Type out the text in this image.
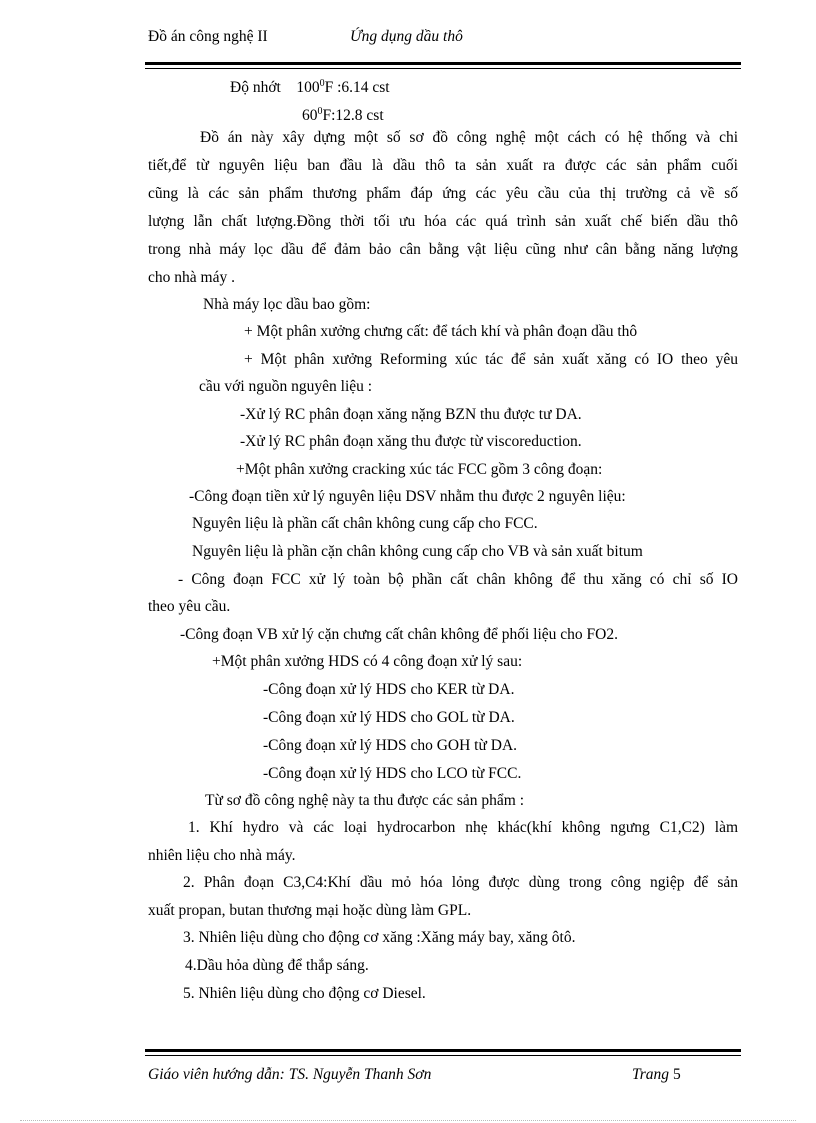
Đồ án công nghệ II	Ứng dụng dầu thô
Độ nhớt $100^0F$ :6.14 cst
$60^0F:12.8$ cst
Đồ án này xây dựng một số sơ đồ công nghệ một cách có hệ thống và chi
tiết,để từ nguyên liệu ban đầu là dầu thô ta sản xuất ra được các sản phẩm cuối
cũng là các sản phẩm thương phẩm đáp ứng các yêu cầu của thị trường cả về số
lượng lẫn chất lượng.Đồng thời tối ưu hóa các quá trình sản xuất chế biến dầu thô
trong nhà máy lọc dầu để đảm bảo cân bằng vật liệu cũng như cân bằng năng lượng
cho nhà máy .
Nhà máy lọc dầu bao gồm:
+ Một phân xưởng chưng cất: để tách khí và phân đoạn dầu thô
+ Một phân xưởng Reforming xúc tác để sản xuất xăng có IO theo yêu
cầu với nguồn nguyên liệu :
-Xử lý RC phân đoạn xăng nặng BZN thu được tư DA.
-Xử lý RC phân đoạn xăng thu được từ viscoreduction.
+Một phân xưởng cracking xúc tác FCC gồm 3 công đoạn:
-Công đoạn tiền xử lý nguyên liệu DSV nhằm thu được 2 nguyên liệu:
Nguyên liệu là phần cất chân không cung cấp cho FCC.
Nguyên liệu là phần cặn chân không cung cấp cho VB và sản xuất bitum
- Công đoạn FCC xử lý toàn bộ phần cất chân không để thu xăng có chỉ số IO
theo yêu cầu.
-Công đoạn VB xử lý cặn chưng cất chân không để phối liệu cho FO2.
+Một phân xưởng HDS có 4 công đoạn xử lý sau:
-Công đoạn xử lý HDS cho KER từ DA.
-Công đoạn xử lý HDS cho GOL từ DA.
-Công đoạn xử lý HDS cho GOH từ DA.
-Công đoạn xử lý HDS cho LCO từ FCC.
Từ sơ đồ công nghệ này ta thu được các sản phẩm :
1. Khí hydro và các loại hydrocarbon nhẹ khác(khí không ngưng C1,C2) làm
nhiên liệu cho nhà máy.
2. Phân đoạn C3,C4:Khí dầu mỏ hóa lỏng được dùng trong công ngiệp để sản
xuất propan, butan thương mại hoặc dùng làm GPL.
3. Nhiên liệu dùng cho động cơ xăng :Xăng máy bay, xăng ôtô.
4.Dầu hỏa dùng để thắp sáng.
5. Nhiên liệu dùng cho động cơ Diesel.
Giáo viên hướng dẫn: TS. Nguyễn Thanh Sơn	Trang 5
